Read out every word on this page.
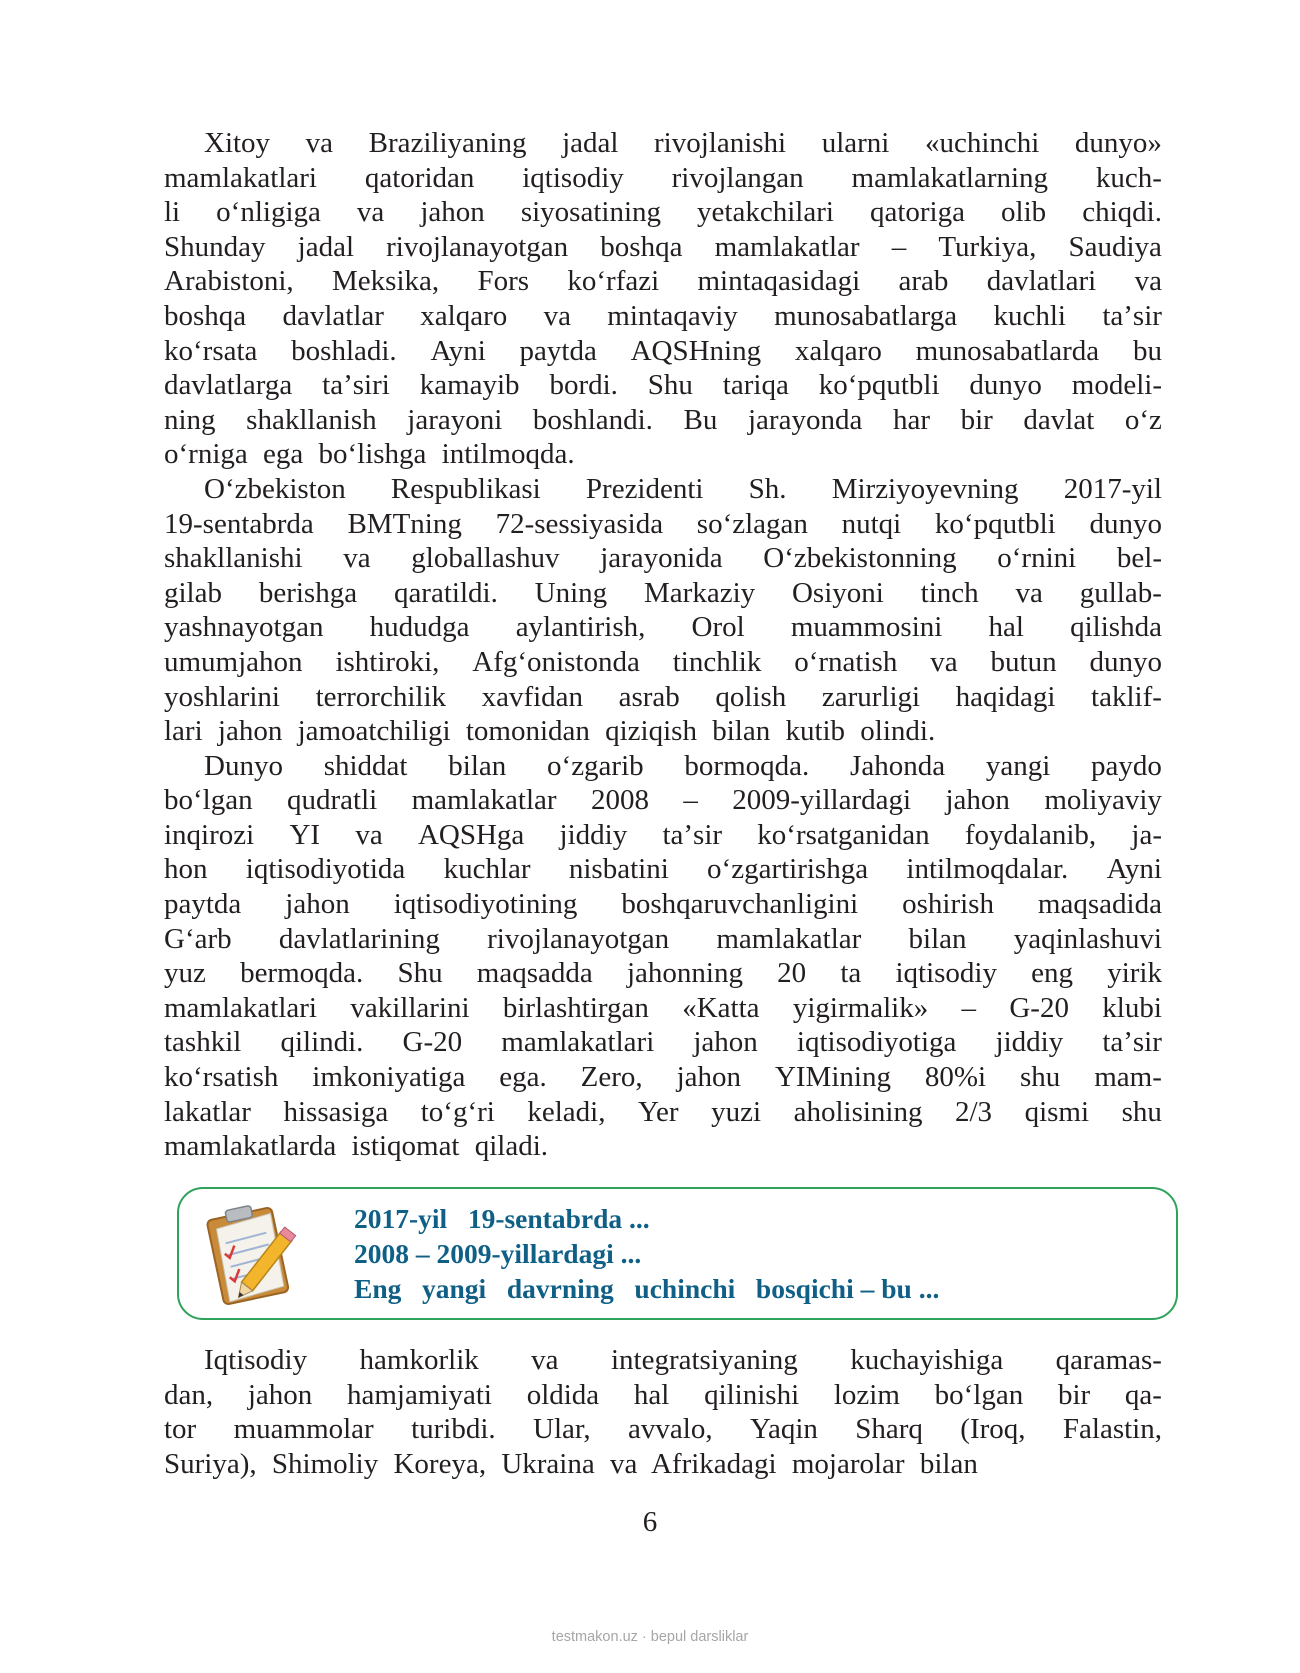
Xitoy va Braziliyaning jadal rivojlanishi ularni «uchinchi dunyo»
mamlakatlari qatoridan iqtisodiy rivojlangan mamlakatlarning kuch-
li oʻnligiga va jahon siyosatining yetakchilari qatoriga olib chiqdi.
Shunday jadal rivojlanayotgan boshqa mamlakatlar – Turkiya, Saudiya
Arabistoni, Meksika, Fors koʻrfazi mintaqasidagi arab davlatlari va
boshqa davlatlar xalqaro va mintaqaviy munosabatlarga kuchli taʼsir
koʻrsata boshladi. Ayni paytda AQSHning xalqaro munosabatlarda bu
davlatlarga taʼsiri kamayib bordi. Shu tariqa koʻpqutbli dunyo modeli-
ning shakllanish jarayoni boshlandi. Bu jarayonda har bir davlat oʻz
oʻrniga ega boʻlishga intilmoqda.
Oʻzbekiston Respublikasi Prezidenti Sh. Mirziyoyevning 2017-yil
19-sentabrda BMTning 72-sessiyasida soʻzlagan nutqi koʻpqutbli dunyo
shakllanishi va globallashuv jarayonida Oʻzbekistonning oʻrnini bel-
gilab berishga qaratildi. Uning Markaziy Osiyoni tinch va gullab-
yashnayotgan hududga aylantirish, Orol muammosini hal qilishda
umumjahon ishtiroki, Afgʻonistonda tinchlik oʻrnatish va butun dunyo
yoshlarini terrorchilik xavfidan asrab qolish zarurligi haqidagi taklif-
lari jahon jamoatchiligi tomonidan qiziqish bilan kutib olindi.
Dunyo shiddat bilan oʻzgarib bormoqda. Jahonda yangi paydo
boʻlgan qudratli mamlakatlar 2008 – 2009-yillardagi jahon moliyaviy
inqirozi YI va AQSHga jiddiy taʼsir koʻrsatganidan foydalanib, ja-
hon iqtisodiyotida kuchlar nisbatini oʻzgartirishga intilmoqdalar. Ayni
paytda jahon iqtisodiyotining boshqaruvchanligini oshirish maqsadida
Gʻarb davlatlarining rivojlanayotgan mamlakatlar bilan yaqinlashuvi
yuz bermoqda. Shu maqsadda jahonning 20 ta iqtisodiy eng yirik
mamlakatlari vakillarini birlashtirgan «Katta yigirmalik» – G-20 klubi
tashkil qilindi. G-20 mamlakatlari jahon iqtisodiyotiga jiddiy taʼsir
koʻrsatish imkoniyatiga ega. Zero, jahon YIMining 80%i shu mam-
lakatlar hissasiga toʻgʻri keladi, Yer yuzi aholisining 2/3 qismi shu
mamlakatlarda istiqomat qiladi.
2017-yil   19-sentabrda ...
2008 – 2009-yillardagi ...
Eng   yangi   davrning   uchinchi   bosqichi – bu ...
Iqtisodiy hamkorlik va integratsiyaning kuchayishiga qaramas-
dan, jahon hamjamiyati oldida hal qilinishi lozim boʻlgan bir qa-
tor muammolar turibdi. Ular, avvalo, Yaqin Sharq (Iroq, Falastin,
Suriya), Shimoliy Koreya, Ukraina va Afrikadagi mojarolar bilan
6
testmakon.uz · bepul darsliklar
